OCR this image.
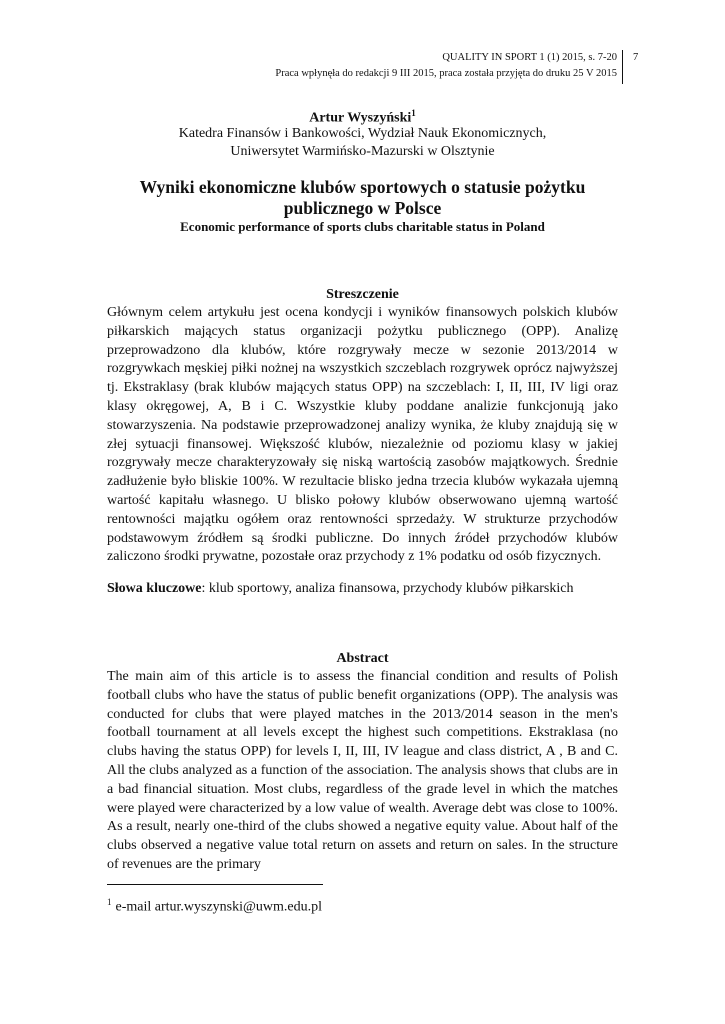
QUALITY IN SPORT 1 (1) 2015, s. 7-20
Praca wpłynęła do redakcji 9 III 2015, praca została przyjęta do druku 25 V 2015
7
Artur Wyszyński$^1$
Katedra Finansów i Bankowości, Wydział Nauk Ekonomicznych,
Uniwersytet Warmińsko-Mazurski w Olsztynie
Wyniki ekonomiczne klubów sportowych o statusie pożytku publicznego w Polsce
Economic performance of sports clubs charitable status in Poland
Streszczenie

Głównym celem artykułu jest ocena kondycji i wyników finansowych polskich klubów piłkarskich mających status organizacji pożytku publicznego (OPP). Analizę przeprowadzono dla klubów, które rozgrywały mecze w sezonie 2013/2014 w rozgrywkach męskiej piłki nożnej na wszystkich szczeblach rozgrywek oprócz najwyższej tj. Ekstraklasy (brak klubów mających status OPP) na szczeblach: I, II, III, IV ligi oraz klasy okręgowej, A, B i C. Wszystkie kluby poddane analizie funkcjonują jako stowarzyszenia. Na podstawie przeprowadzonej analizy wynika, że kluby znajdują się w złej sytuacji finansowej. Większość klubów, niezależnie od poziomu klasy w jakiej rozgrywały mecze charakteryzowały się niską wartością zasobów majątkowych. Średnie zadłużenie było bliskie 100%. W rezultacie blisko jedna trzecia klubów wykazała ujemną wartość kapitału własnego. U blisko połowy klubów obserwowano ujemną wartość rentowności majątku ogółem oraz rentowności sprzedaży. W strukturze przychodów podstawowym źródłem są środki publiczne. Do innych źródeł przychodów klubów zaliczono środki prywatne, pozostałe oraz przychody z 1% podatku od osób fizycznych.

Słowa kluczowe: klub sportowy, analiza finansowa, przychody klubów piłkarskich
Abstract

The main aim of this article is to assess the financial condition and results of Polish football clubs who have the status of public benefit organizations (OPP). The analysis was conducted for clubs that were played matches in the 2013/2014 season in the men's football tournament at all levels except the highest such competitions. Ekstraklasa (no clubs having the status OPP) for levels I, II, III, IV league and class district, A , B and C. All the clubs analyzed as a function of the association. The analysis shows that clubs are in a bad financial situation. Most clubs, regardless of the grade level in which the matches were played were characterized by a low value of wealth. Average debt was close to 100%. As a result, nearly one-third of the clubs showed a negative equity value. About half of the clubs observed a negative value total return on assets and return on sales. In the structure of revenues are the primary

$^1$ e-mail artur.wyszynski@uwm.edu.pl
